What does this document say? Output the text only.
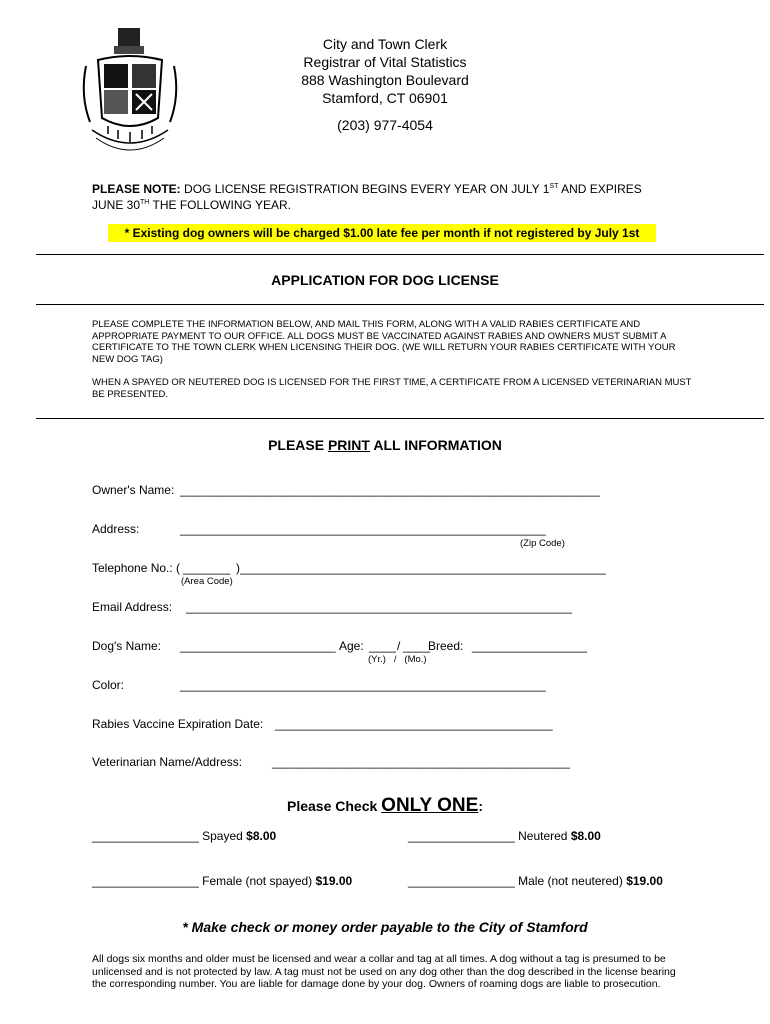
City and Town Clerk
Registrar of Vital Statistics
888 Washington Boulevard
Stamford, CT 06901
(203) 977-4054
PLEASE NOTE: DOG LICENSE REGISTRATION BEGINS EVERY YEAR ON JULY 1ST AND EXPIRES
JUNE 30TH THE FOLLOWING YEAR.
* Existing dog owners will be charged $1.00 late fee per month if not registered by July 1st
APPLICATION FOR DOG LICENSE
PLEASE COMPLETE THE INFORMATION BELOW, AND MAIL THIS FORM, ALONG WITH A VALID RABIES CERTIFICATE AND APPROPRIATE PAYMENT TO OUR OFFICE. ALL DOGS MUST BE VACCINATED AGAINST RABIES AND OWNERS MUST SUBMIT A CERTIFICATE TO THE TOWN CLERK WHEN LICENSING THEIR DOG. (WE WILL RETURN YOUR RABIES CERTIFICATE WITH YOUR NEW DOG TAG)
WHEN A SPAYED OR NEUTERED DOG IS LICENSED FOR THE FIRST TIME, A CERTIFICATE FROM A LICENSED VETERINARIAN MUST BE PRESENTED.
PLEASE PRINT ALL INFORMATION
Owner's Name: ______________________________________________________________
Address:	______________________________________________________
(Zip Code)
Telephone No.: ( _______ )______________________________________________________
(Area Code)
Email Address: _________________________________________________________
Dog's Name: _______________________ Age: ____ / ____
Breed: _________________
(Yr.)   /   (Mo.)
Color:	______________________________________________________
Rabies Vaccine Expiration Date: _________________________________________
Veterinarian Name/Address: ____________________________________________
Please Check ONLY ONE:
________________ Spayed $8.00	________________ Neutered $8.00
________________ Female (not spayed) $19.00	________________ Male (not neutered) $19.00
* Make check or money order payable to the City of Stamford
All dogs six months and older must be licensed and wear a collar and tag at all times. A dog without a tag is presumed to be unlicensed and is not protected by law. A tag must not be used on any dog other than the dog described in the license bearing the corresponding number. You are liable for damage done by your dog. Owners of roaming dogs are liable to prosecution.
